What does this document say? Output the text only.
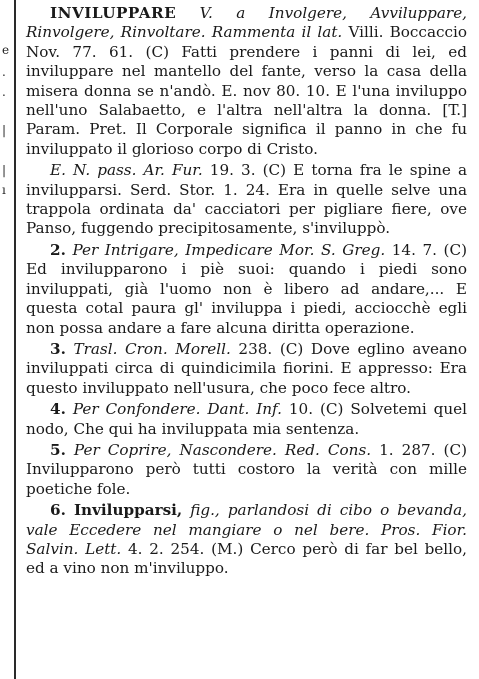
e
.
.
|
|
ı

INVILUPPARE V. a Involgere, Avviluppare, Rinvolgere, Rinvoltare. Rammenta il lat. Villi. Boccaccio Nov. 77. 61. (C) Fatti prendere i panni di lei, ed inviluppare nel mantello del fante, verso la casa della misera donna se n'andò. E. nov 80. 10. E l'una inviluppo nell'uno Salabaetto, e l'altra nell'altra la donna. [T.] Param. Pret. Il Corporale significa il panno in che fu inviluppato il glorioso corpo di Cristo.

E. N. pass. Ar. Fur. 19. 3. (C) E torna fra le spine a invilupparsi. Serd. Stor. 1. 24. Era in quelle selve una trappola ordinata da' cacciatori per pigliare fiere, ove Panso, fuggendo precipitosamente, s'inviluppò.

2. Per Intrigare, Impedicare Mor. S. Greg. 14. 7. (C) Ed invilupparono i piè suoi: quando i piedi sono inviluppati, già l'uomo non è libero ad andare,... E questa cotal paura gl' inviluppa i piedi, acciocchè egli non possa andare a fare alcuna diritta operazione.

3. Trasl. Cron. Morell. 238. (C) Dove eglino aveano inviluppati circa di quindicimila fiorini. E appresso: Era questo inviluppato nell'usura, che poco fece altro.

4. Per Confondere. Dant. Inf. 10. (C) Solvetemi quel nodo, Che qui ha inviluppata mia sentenza.

5. Per Coprire, Nascondere. Red. Cons. 1. 287. (C) Invilupparono però tutti costoro la verità con mille poetiche fole.

6. Invilupparsi, fig., parlandosi di cibo o bevanda, vale Eccedere nel mangiare o nel bere. Pros. Fior. Salvin. Lett. 4. 2. 254. (M.) Cerco però di far bel bello, ed a vino non m'inviluppo.
